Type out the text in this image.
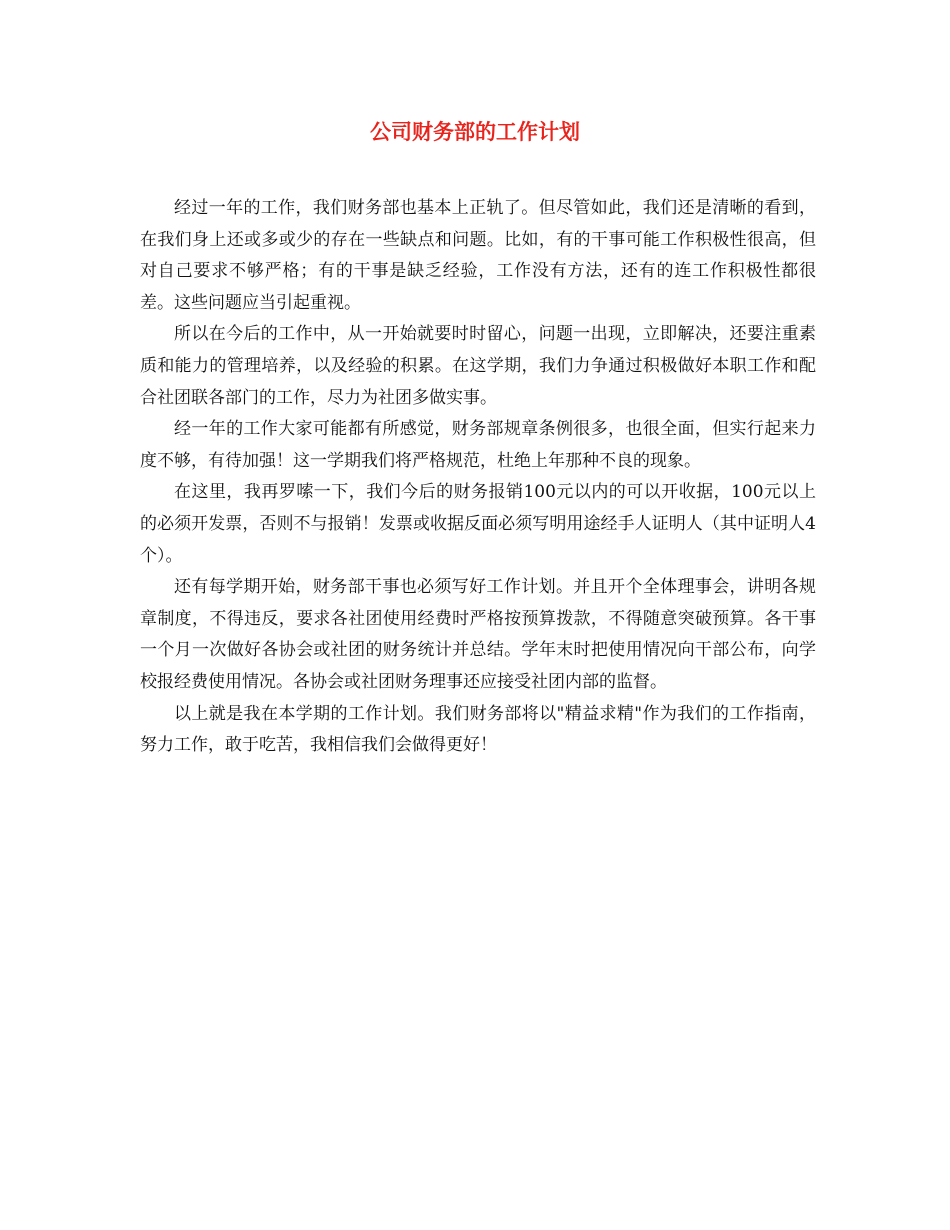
公司财务部的工作计划

经过一年的工作，我们财务部也基本上正轨了。但尽管如此，我们还是清晰的看到，在我们身上还或多或少的存在一些缺点和问题。比如，有的干事可能工作积极性很高，但对自己要求不够严格；有的干事是缺乏经验，工作没有方法，还有的连工作积极性都很差。这些问题应当引起重视。

所以在今后的工作中，从一开始就要时时留心，问题一出现，立即解决，还要注重素质和能力的管理培养，以及经验的积累。在这学期，我们力争通过积极做好本职工作和配合社团联各部门的工作，尽力为社团多做实事。

经一年的工作大家可能都有所感觉，财务部规章条例很多，也很全面，但实行起来力度不够，有待加强！这一学期我们将严格规范，杜绝上年那种不良的现象。

在这里，我再罗嗦一下，我们今后的财务报销100元以内的可以开收据，100元以上的必须开发票，否则不与报销！发票或收据反面必须写明用途经手人证明人（其中证明人4个）。

还有每学期开始，财务部干事也必须写好工作计划。并且开个全体理事会，讲明各规章制度，不得违反，要求各社团使用经费时严格按预算拨款，不得随意突破预算。各干事一个月一次做好各协会或社团的财务统计并总结。学年末时把使用情况向干部公布，向学校报经费使用情况。各协会或社团财务理事还应接受社团内部的监督。

以上就是我在本学期的工作计划。我们财务部将以"精益求精"作为我们的工作指南，努力工作，敢于吃苦，我相信我们会做得更好！
